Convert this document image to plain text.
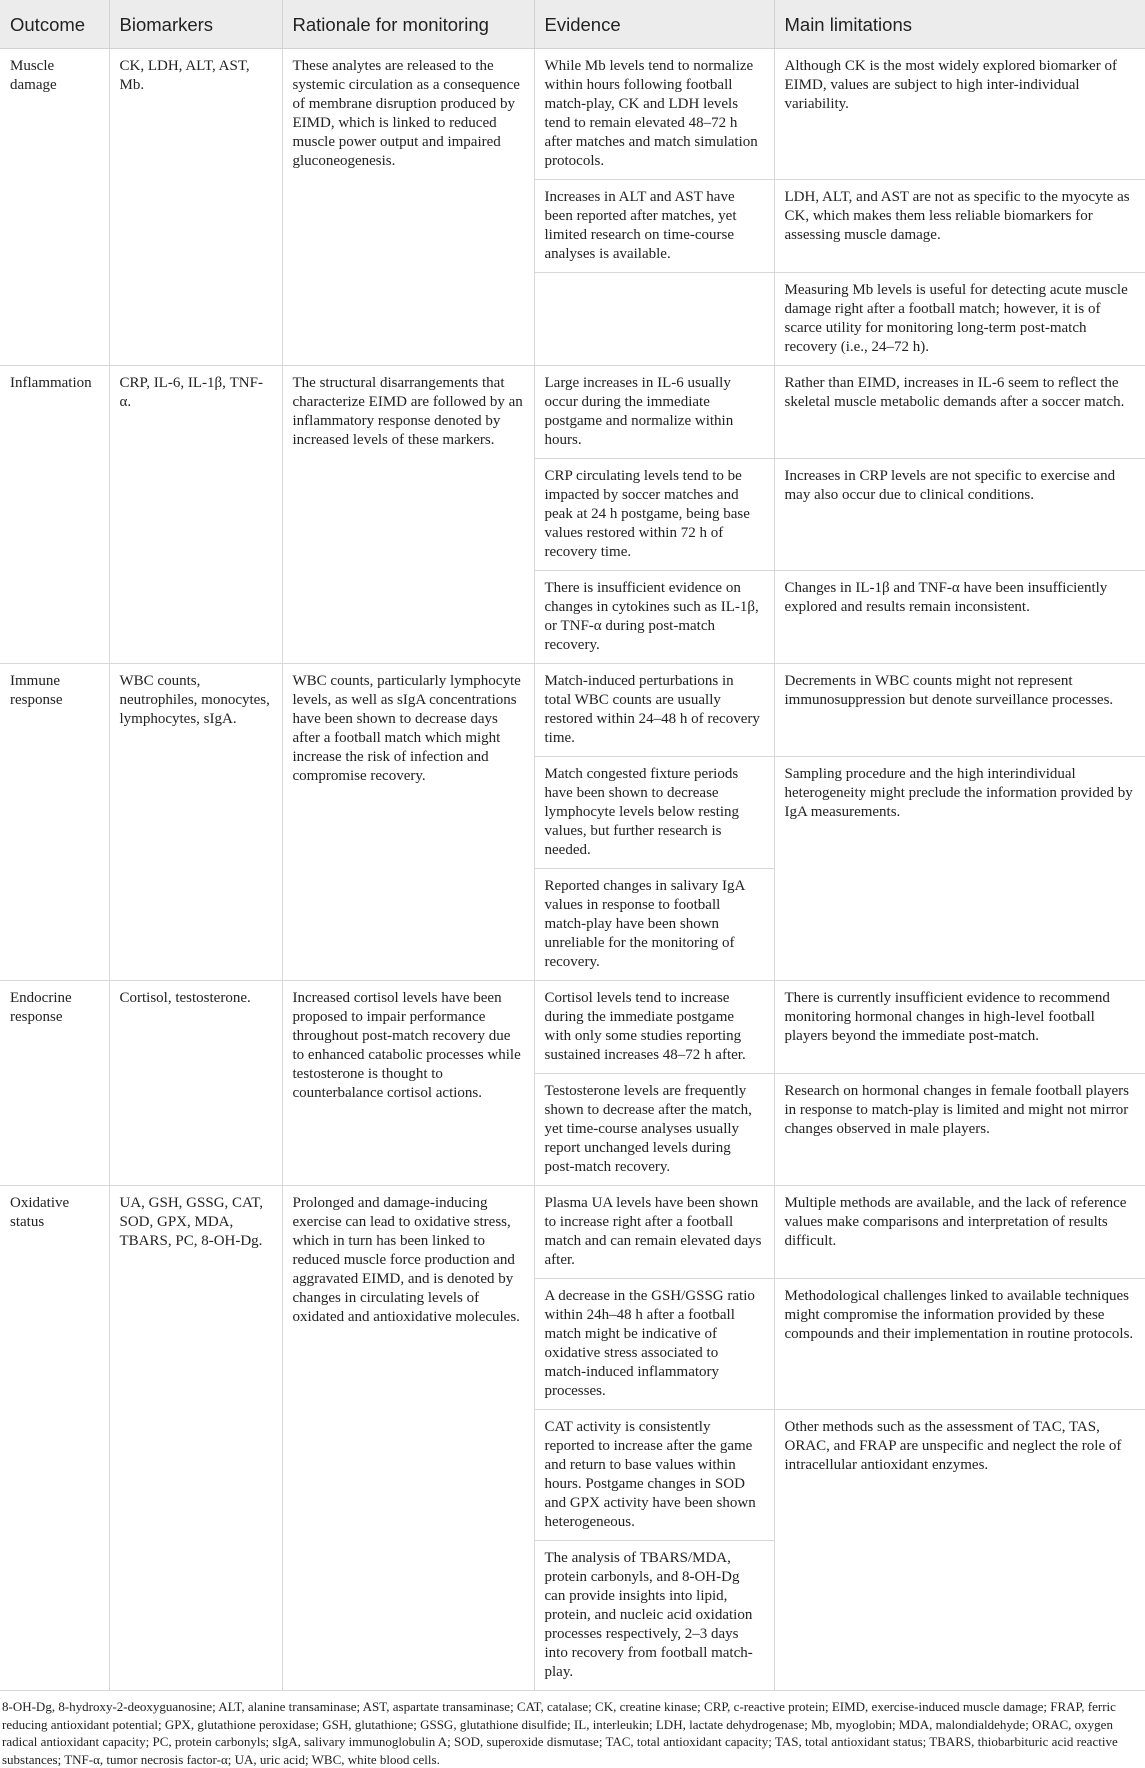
Outcome	Biomarkers	Rationale for monitoring	Evidence	Main limitations
Muscle damage	CK, LDH, ALT, AST, Mb.	These analytes are released to the systemic circulation as a consequence of membrane disruption produced by EIMD, which is linked to reduced muscle power output and impaired gluconeogenesis.	While Mb levels tend to normalize within hours following football match-play, CK and LDH levels tend to remain elevated 48–72 h after matches and match simulation protocols.	Although CK is the most widely explored biomarker of EIMD, values are subject to high inter-individual variability.
			Increases in ALT and AST have been reported after matches, yet limited research on time-course analyses is available.	LDH, ALT, and AST are not as specific to the myocyte as CK, which makes them less reliable biomarkers for assessing muscle damage.
				Measuring Mb levels is useful for detecting acute muscle damage right after a football match; however, it is of scarce utility for monitoring long-term post-match recovery (i.e., 24–72 h).
Inflammation	CRP, IL-6, IL-1β, TNF-α.	The structural disarrangements that characterize EIMD are followed by an inflammatory response denoted by increased levels of these markers.	Large increases in IL-6 usually occur during the immediate postgame and normalize within hours.	Rather than EIMD, increases in IL-6 seem to reflect the skeletal muscle metabolic demands after a soccer match.
			CRP circulating levels tend to be impacted by soccer matches and peak at 24 h postgame, being base values restored within 72 h of recovery time.	Increases in CRP levels are not specific to exercise and may also occur due to clinical conditions.
			There is insufficient evidence on changes in cytokines such as IL-1β, or TNF-α during post-match recovery.	Changes in IL-1β and TNF-α have been insufficiently explored and results remain inconsistent.
Immune response	WBC counts, neutrophiles, monocytes, lymphocytes, sIgA.	WBC counts, particularly lymphocyte levels, as well as sIgA concentrations have been shown to decrease days after a football match which might increase the risk of infection and compromise recovery.	Match-induced perturbations in total WBC counts are usually restored within 24–48 h of recovery time.	Decrements in WBC counts might not represent immunosuppression but denote surveillance processes.
			Match congested fixture periods have been shown to decrease lymphocyte levels below resting values, but further research is needed.	Sampling procedure and the high interindividual heterogeneity might preclude the information provided by IgA measurements.
			Reported changes in salivary IgA values in response to football match-play have been shown unreliable for the monitoring of recovery.	
Endocrine response	Cortisol, testosterone.	Increased cortisol levels have been proposed to impair performance throughout post-match recovery due to enhanced catabolic processes while testosterone is thought to counterbalance cortisol actions.	Cortisol levels tend to increase during the immediate postgame with only some studies reporting sustained increases 48–72 h after.	There is currently insufficient evidence to recommend monitoring hormonal changes in high-level football players beyond the immediate post-match.
			Testosterone levels are frequently shown to decrease after the match, yet time-course analyses usually report unchanged levels during post-match recovery.	Research on hormonal changes in female football players in response to match-play is limited and might not mirror changes observed in male players.
Oxidative status	UA, GSH, GSSG, CAT, SOD, GPX, MDA, TBARS, PC, 8-OH-Dg.	Prolonged and damage-inducing exercise can lead to oxidative stress, which in turn has been linked to reduced muscle force production and aggravated EIMD, and is denoted by changes in circulating levels of oxidated and antioxidative molecules.	Plasma UA levels have been shown to increase right after a football match and can remain elevated days after.	Multiple methods are available, and the lack of reference values make comparisons and interpretation of results difficult.
			A decrease in the GSH/GSSG ratio within 24h–48 h after a football match might be indicative of oxidative stress associated to match-induced inflammatory processes.	Methodological challenges linked to available techniques might compromise the information provided by these compounds and their implementation in routine protocols.
			CAT activity is consistently reported to increase after the game and return to base values within hours. Postgame changes in SOD and GPX activity have been shown heterogeneous.	Other methods such as the assessment of TAC, TAS, ORAC, and FRAP are unspecific and neglect the role of intracellular antioxidant enzymes.
			The analysis of TBARS/MDA, protein carbonyls, and 8-OH-Dg can provide insights into lipid, protein, and nucleic acid oxidation processes respectively, 2–3 days into recovery from football match-play.	
8-OH-Dg, 8-hydroxy-2-deoxyguanosine; ALT, alanine transaminase; AST, aspartate transaminase; CAT, catalase; CK, creatine kinase; CRP, c-reactive protein; EIMD, exercise-induced muscle damage; FRAP, ferric reducing antioxidant potential; GPX, glutathione peroxidase; GSH, glutathione; GSSG, glutathione disulfide; IL, interleukin; LDH, lactate dehydrogenase; Mb, myoglobin; MDA, malondialdehyde; ORAC, oxygen radical antioxidant capacity; PC, protein carbonyls; sIgA, salivary immunoglobulin A; SOD, superoxide dismutase; TAC, total antioxidant capacity; TAS, total antioxidant status; TBARS, thiobarbituric acid reactive substances; TNF-α, tumor necrosis factor-α; UA, uric acid; WBC, white blood cells.
